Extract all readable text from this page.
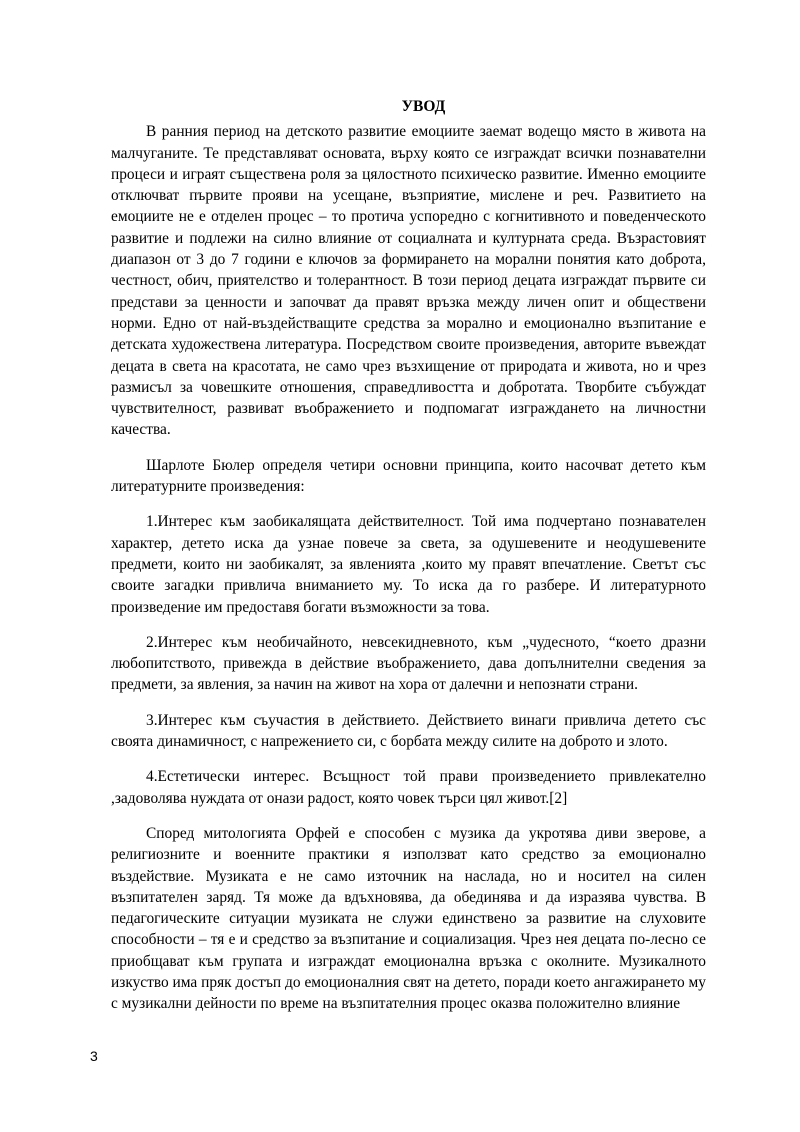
УВОД

В ранния период на детското развитие емоциите заемат водещо място в живота на малчуганите. Те представляват основата, върху която се изграждат всички познавателни процеси и играят съществена роля за цялостното психическо развитие. Именно емоциите отключват първите прояви на усещане, възприятие, мислене и реч. Развитието на емоциите не е отделен процес – то протича успоредно с когнитивното и поведенческото развитие и подлежи на силно влияние от социалната и културната среда. Възрастовият диапазон от 3 до 7 години е ключов за формирането на морални понятия като доброта, честност, обич, приятелство и толерантност. В този период децата изграждат първите си представи за ценности и започват да правят връзка между личен опит и обществени норми. Едно от най-въздействащите средства за морално и емоционално възпитание е детската художествена литература. Посредством своите произведения, авторите въвеждат децата в света на красотата, не само чрез възхищение от природата и живота, но и чрез размисъл за човешките отношения, справедливостта и добротата. Творбите събуждат чувствителност, развиват въображението и подпомагат изграждането на личностни качества.

Шарлоте Бюлер определя четири основни принципа, които насочват детето към литературните произведения:

1.Интерес към заобикалящата действителност. Той има подчертано познавателен характер, детето иска да узнае повече за света, за одушевените и неодушевените предмети, които ни заобикалят, за явленията ,които му правят впечатление. Светът със своите загадки привлича вниманието му. То иска да го разбере. И литературното произведение им предоставя богати възможности за това.

2.Интерес към необичайното, невсекидневното, към „чудесното, “което дразни любопитството, привежда в действие въображението, дава допълнителни сведения за предмети, за явления, за начин на живот на хора от далечни и непознати страни.

3.Интерес към съучастия в действието. Действието винаги привлича детето със своята динамичност, с напрежението си, с борбата между силите на доброто и злото.

4.Естетически интерес. Всъщност той прави произведението привлекателно ,задоволява нуждата от онази радост, която човек търси цял живот.[2]

Според митологията Орфей е способен с музика да укротява диви зверове, а религиозните и военните практики я използват като средство за емоционално въздействие. Музиката е не само източник на наслада, но и носител на силен възпитателен заряд. Тя може да вдъхновява, да обединява и да изразява чувства. В педагогическите ситуации музиката не служи единствено за развитие на слуховите способности – тя е и средство за възпитание и социализация. Чрез нея децата по-лесно се приобщават към групата и изграждат емоционална връзка с околните. Музикалното изкуство има пряк достъп до емоционалния свят на детето, поради което ангажирането му с музикални дейности по време на възпитателния процес оказва положително влияние

3
